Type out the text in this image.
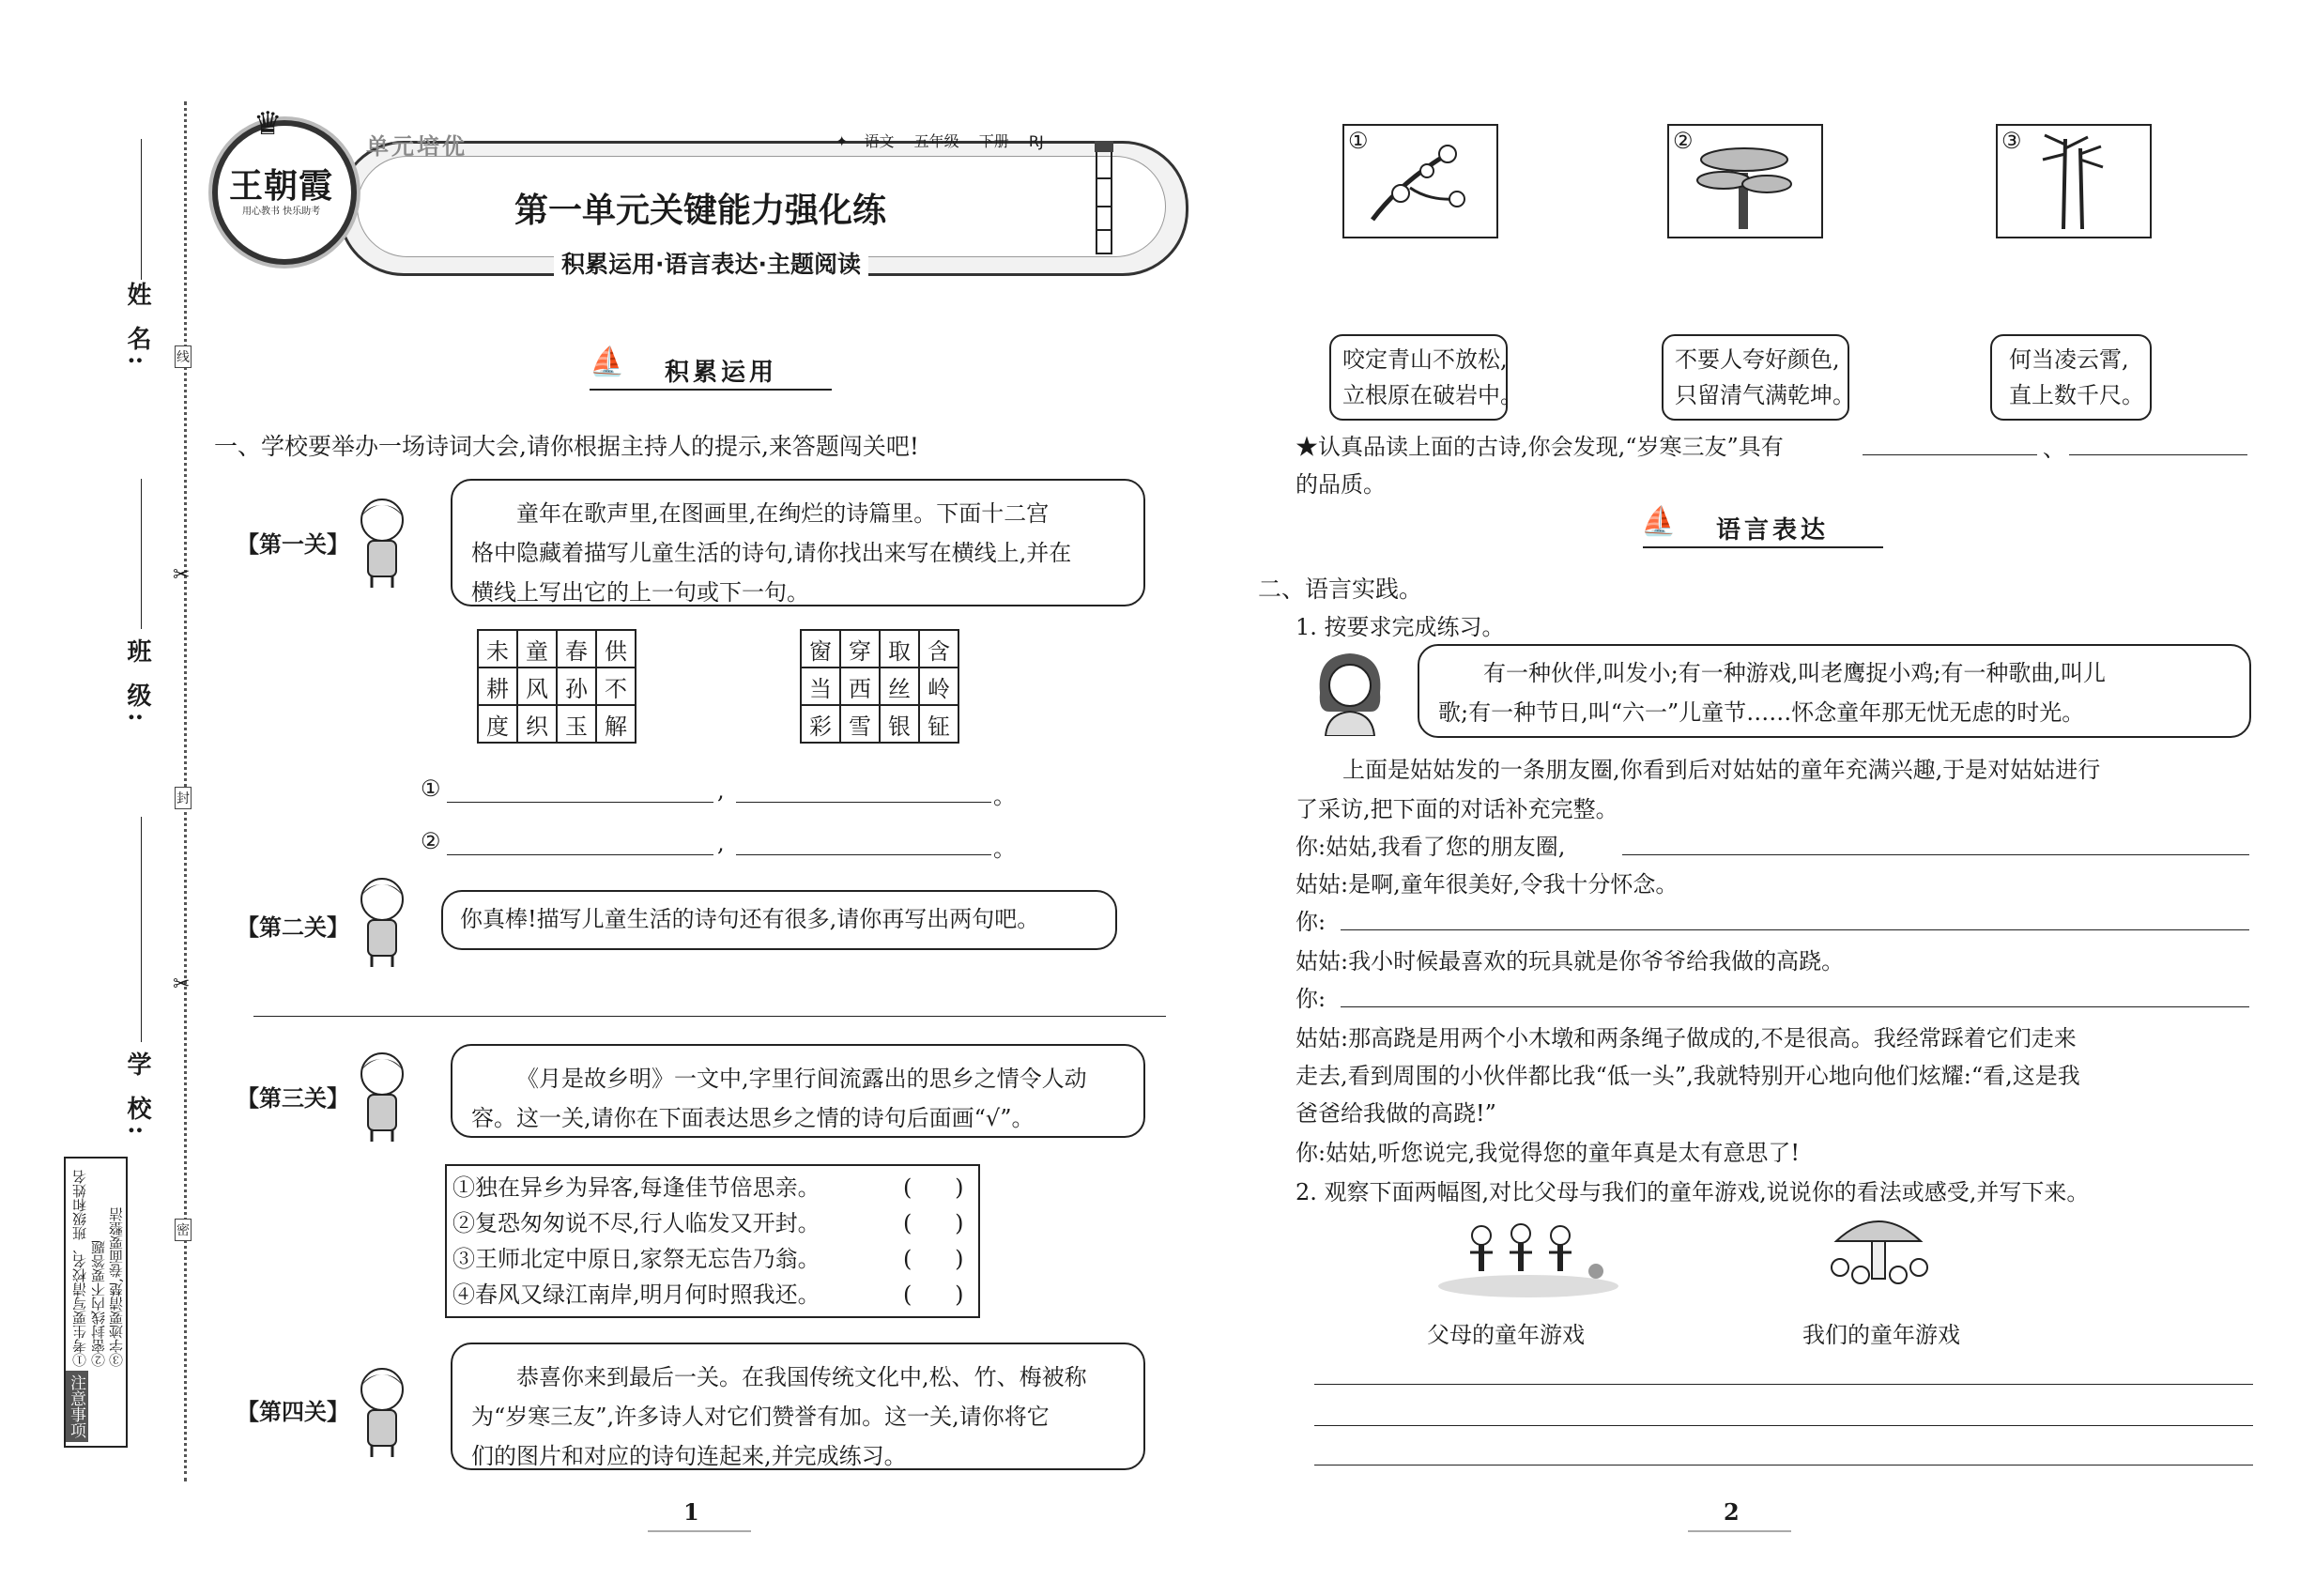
姓 名:
班 级:
学 校:
线
封
密
✂
✂
注意事项
①考生要写清校名、班级和姓名 ②密封线内不要答题 ③字迹要清楚,卷面要整洁
王朝霞
用心教书 快乐助考
♛
单元培优	✦ 语文 五年级 下册 RJ
第一单元关键能力强化练
积累运用·语言表达·主题阅读
⛵ 积累运用
一、学校要举办一场诗词大会,请你根据主持人的提示,来答题闯关吧!
【第一关】
童年在歌声里,在图画里,在绚烂的诗篇里。下面十二宫
格中隐藏着描写儿童生活的诗句,请你找出来写在横线上,并在
横线上写出它的上一句或下一句。
未	童	春	供
耕	风	孙	不
度	织	玉	解
窗	穿	取	含
当	西	丝	岭
彩	雪	银	钲
①	,	。
②	,	。
【第二关】	你真棒!描写儿童生活的诗句还有很多,请你再写出两句吧。
【第三关】
《月是故乡明》一文中,字里行间流露出的思乡之情令人动
容。这一关,请你在下面表达思乡之情的诗句后面画“√”。
①独在异乡为异客,每逢佳节倍思亲。	(      )
②复恐匆匆说不尽,行人临发又开封。	(      )
③王师北定中原日,家祭无忘告乃翁。	(      )
④春风又绿江南岸,明月何时照我还。	(      )
【第四关】
恭喜你来到最后一关。在我国传统文化中,松、竹、梅被称
为“岁寒三友”,许多诗人对它们赞誉有加。这一关,请你将它
们的图片和对应的诗句连起来,并完成练习。
1
①	②	③
咬定青山不放松,
立根原在破岩中。
不要人夸好颜色,
只留清气满乾坤。
何当凌云霄,
直上数千尺。
★认真品读上面的古诗,你会发现,“岁寒三友”具有	、
的品质。
⛵ 语言表达
二、语言实践。
1. 按要求完成练习。
有一种伙伴,叫发小;有一种游戏,叫老鹰捉小鸡;有一种歌曲,叫儿
歌;有一种节日,叫“六一”儿童节……怀念童年那无忧无虑的时光。
上面是姑姑发的一条朋友圈,你看到后对姑姑的童年充满兴趣,于是对姑姑进行
了采访,把下面的对话补充完整。
你:姑姑,我看了您的朋友圈,
姑姑:是啊,童年很美好,令我十分怀念。
你:
姑姑:我小时候最喜欢的玩具就是你爷爷给我做的高跷。
你:
姑姑:那高跷是用两个小木墩和两条绳子做成的,不是很高。我经常踩着它们走来
走去,看到周围的小伙伴都比我“低一头”,我就特别开心地向他们炫耀:“看,这是我
爸爸给我做的高跷!”
你:姑姑,听您说完,我觉得您的童年真是太有意思了!
2. 观察下面两幅图,对比父母与我们的童年游戏,说说你的看法或感受,并写下来。
父母的童年游戏	我们的童年游戏
2
